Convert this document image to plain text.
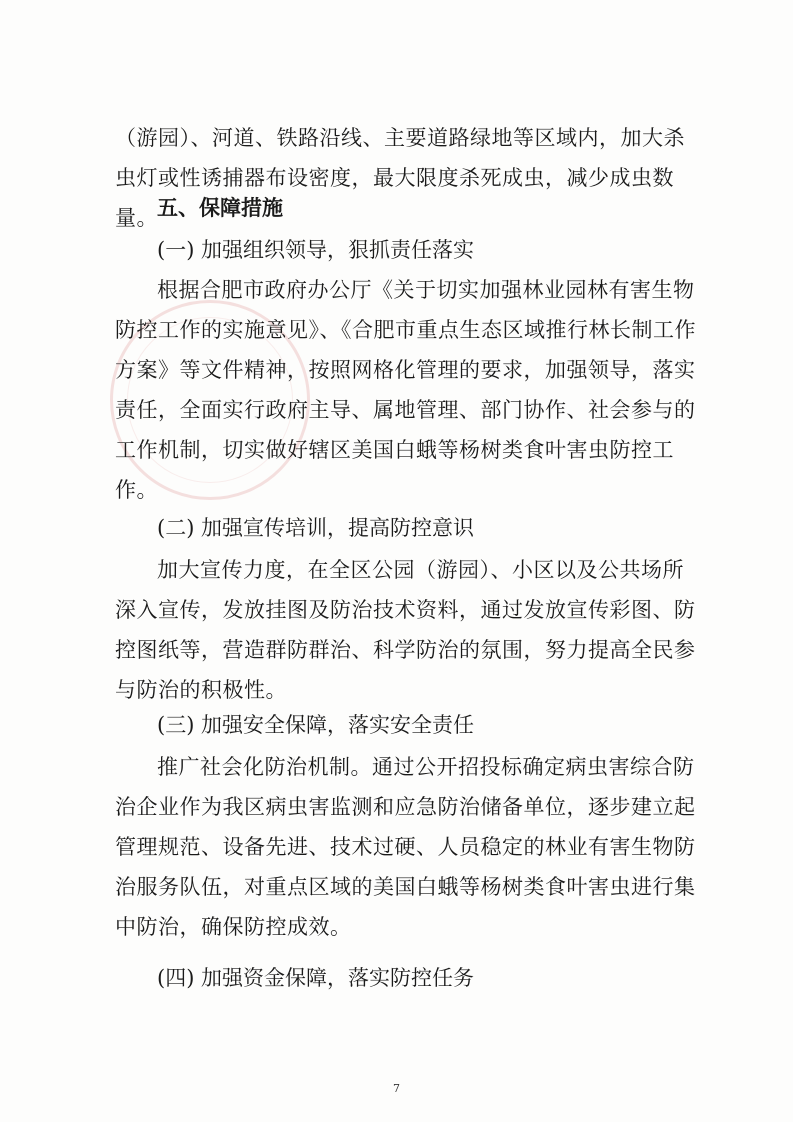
（游园）、河道、铁路沿线、主要道路绿地等区域内，加大杀虫灯或性诱捕器布设密度，最大限度杀死成虫，减少成虫数量。 五、保障措施

(一) 加强组织领导，狠抓责任落实

根据合肥市政府办公厅《关于切实加强林业园林有害生物防控工作的实施意见》、《合肥市重点生态区域推行林长制工作方案》等文件精神，按照网格化管理的要求，加强领导，落实责任，全面实行政府主导、属地管理、部门协作、社会参与的工作机制，切实做好辖区美国白蛾等杨树类食叶害虫防控工作。

(二) 加强宣传培训，提高防控意识

加大宣传力度，在全区公园（游园）、小区以及公共场所深入宣传，发放挂图及防治技术资料，通过发放宣传彩图、防控图纸等，营造群防群治、科学防治的氛围，努力提高全民参与防治的积极性。

(三) 加强安全保障，落实安全责任

推广社会化防治机制。通过公开招投标确定病虫害综合防治企业作为我区病虫害监测和应急防治储备单位，逐步建立起管理规范、设备先进、技术过硬、人员稳定的林业有害生物防治服务队伍，对重点区域的美国白蛾等杨树类食叶害虫进行集中防治，确保防控成效。

(四) 加强资金保障，落实防控任务

7
